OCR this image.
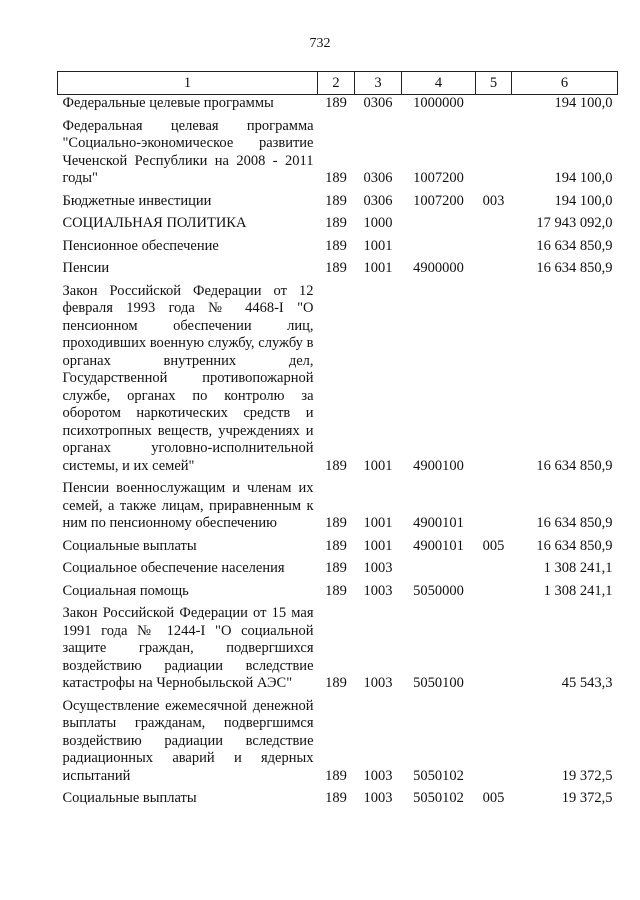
732
1	2	3	4	5	6
Федеральные целевые программы	189	0306	1000000		194 100,0
Федеральная целевая программа "Социально-экономическое развитие Чеченской Республики на 2008 - 2011 годы"	189	0306	1007200		194 100,0
Бюджетные инвестиции	189	0306	1007200	003	194 100,0
СОЦИАЛЬНАЯ ПОЛИТИКА	189	1000			17 943 092,0
Пенсионное обеспечение	189	1001			16 634 850,9
Пенсии	189	1001	4900000		16 634 850,9
Закон Российской Федерации от 12 февраля 1993 года № 4468-I "О пенсионном обеспечении лиц, проходивших военную службу, службу в органах внутренних дел, Государственной противопожарной службе, органах по контролю за оборотом наркотических средств и психотропных веществ, учреждениях и органах уголовно-исполнительной системы, и их семей"	189	1001	4900100		16 634 850,9
Пенсии военнослужащим и членам их семей, а также лицам, приравненным к ним по пенсионному обеспечению	189	1001	4900101		16 634 850,9
Социальные выплаты	189	1001	4900101	005	16 634 850,9
Социальное обеспечение населения	189	1003			1 308 241,1
Социальная помощь	189	1003	5050000		1 308 241,1
Закон Российской Федерации от 15 мая 1991 года № 1244-I "О социальной защите граждан, подвергшихся воздействию радиации вследствие катастрофы на Чернобыльской АЭС"	189	1003	5050100		45 543,3
Осуществление ежемесячной денежной выплаты гражданам, подвергшимся воздействию радиации вследствие радиационных аварий и ядерных испытаний	189	1003	5050102		19 372,5
Социальные выплаты	189	1003	5050102	005	19 372,5
